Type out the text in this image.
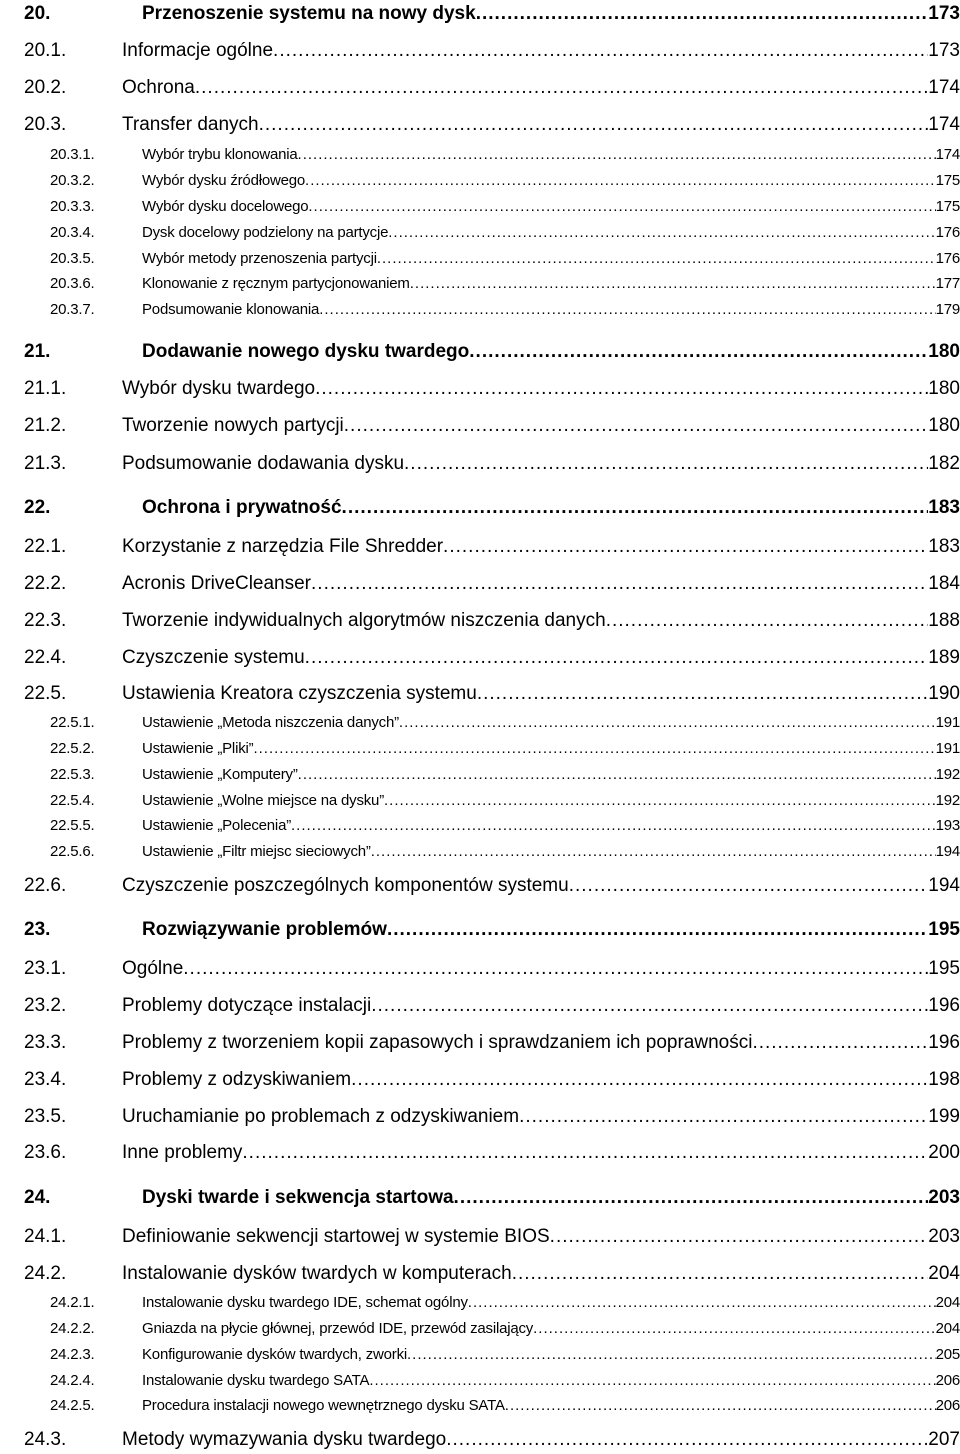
20.	Przenoszenie systemu na nowy dysk .....	173
20.1.	Informacje ogólne .....	173
20.2.	Ochrona .....	174
20.3.	Transfer danych .....	174
20.3.1.	Wybór trybu klonowania .....	174
20.3.2.	Wybór dysku źródłowego .....	175
20.3.3.	Wybór dysku docelowego .....	175
20.3.4.	Dysk docelowy podzielony na partycje .....	176
20.3.5.	Wybór metody przenoszenia partycji .....	176
20.3.6.	Klonowanie z ręcznym partycjonowaniem .....	177
20.3.7.	Podsumowanie klonowania .....	179
21.	Dodawanie nowego dysku twardego .....	180
21.1.	Wybór dysku twardego .....	180
21.2.	Tworzenie nowych partycji .....	180
21.3.	Podsumowanie dodawania dysku .....	182
22.	Ochrona i prywatność .....	183
22.1.	Korzystanie z narzędzia File Shredder .....	183
22.2.	Acronis DriveCleanser .....	184
22.3.	Tworzenie indywidualnych algorytmów niszczenia danych .....	188
22.4.	Czyszczenie systemu .....	189
22.5.	Ustawienia Kreatora czyszczenia systemu .....	190
22.5.1.	Ustawienie „Metoda niszczenia danych” .....	191
22.5.2.	Ustawienie „Pliki” .....	191
22.5.3.	Ustawienie „Komputery” .....	192
22.5.4.	Ustawienie „Wolne miejsce na dysku” .....	192
22.5.5.	Ustawienie „Polecenia” .....	193
22.5.6.	Ustawienie „Filtr miejsc sieciowych” .....	194
22.6.	Czyszczenie poszczególnych komponentów systemu .....	194
23.	Rozwiązywanie problemów .....	195
23.1.	Ogólne .....	195
23.2.	Problemy dotyczące instalacji .....	196
23.3.	Problemy z tworzeniem kopii zapasowych i sprawdzaniem ich poprawności .....	196
23.4.	Problemy z odzyskiwaniem .....	198
23.5.	Uruchamianie po problemach z odzyskiwaniem .....	199
23.6.	Inne problemy .....	200
24.	Dyski twarde i sekwencja startowa .....	203
24.1.	Definiowanie sekwencji startowej w systemie BIOS .....	203
24.2.	Instalowanie dysków twardych w komputerach .....	204
24.2.1.	Instalowanie dysku twardego IDE, schemat ogólny .....	204
24.2.2.	Gniazda na płycie głównej, przewód IDE, przewód zasilający .....	204
24.2.3.	Konfigurowanie dysków twardych, zworki .....	205
24.2.4.	Instalowanie dysku twardego SATA .....	206
24.2.5.	Procedura instalacji nowego wewnętrznego dysku SATA .....	206
24.3.	Metody wymazywania dysku twardego .....	207
